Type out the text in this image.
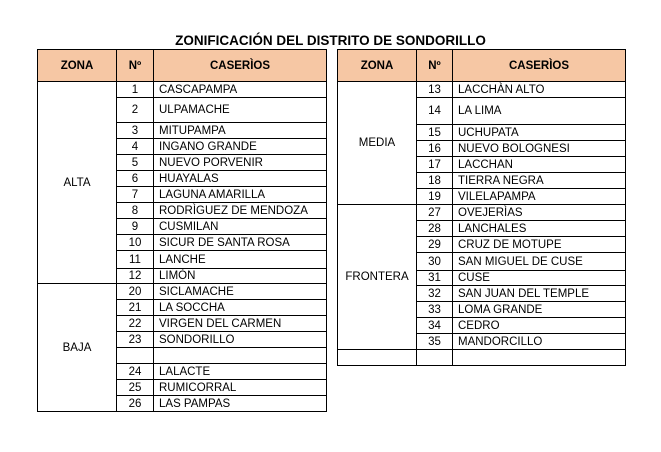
ZONIFICACIÓN DEL DISTRITO DE SONDORILLO
ZONA	Nº	CASERÌOS
ALTA	1	CASCAPAMPA
	2	ULPAMACHE
	3	MITUPAMPA
	4	INGANO GRANDE
	5	NUEVO PORVENIR
	6	HUAYALAS
	7	LAGUNA AMARILLA
	8	RODRÌGUEZ DE MENDOZA
	9	CUSMILAN
	10	SICUR DE SANTA ROSA
	11	LANCHE
	12	LIMÒN
BAJA	20	SICLAMACHE
	21	LA SOCCHA
	22	VIRGEN DEL CARMEN
	23	SONDORILLO

	24	LALACTE
	25	RUMICORRAL
	26	LAS PAMPAS
ZONA	Nº	CASERÌOS
MEDIA	13	LACCHÀN ALTO
	14	LA LIMA
	15	UCHUPATA
	16	NUEVO BOLOGNESI
	17	LACCHAN
	18	TIERRA NEGRA
	19	VILELAPAMPA
FRONTERA	27	OVEJERÌAS
	28	LANCHALES
	29	CRUZ DE MOTUPE
	30	SAN MIGUEL DE CUSE
	31	CUSE
	32	SAN JUAN DEL TEMPLE
	33	LOMA GRANDE
	34	CEDRO
	35	MANDORCILLO
